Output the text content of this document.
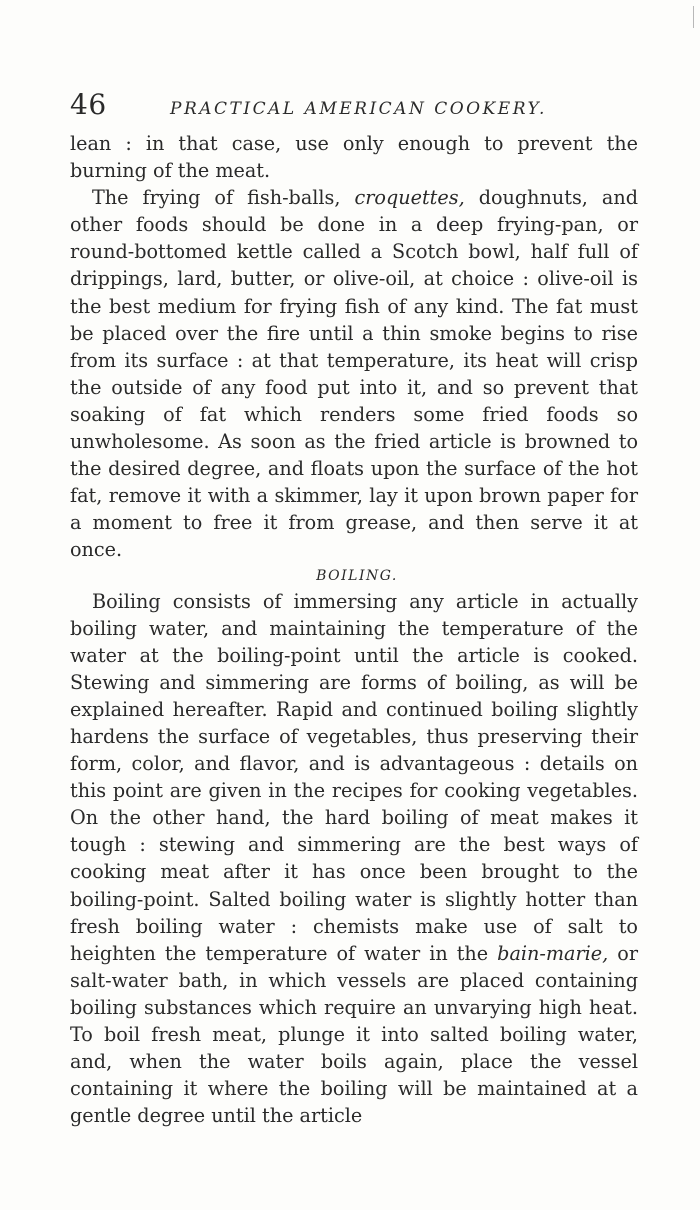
46	PRACTICAL AMERICAN COOKERY.

lean : in that case, use only enough to prevent the burning of the meat.

The frying of fish-balls, croquettes, doughnuts, and other foods should be done in a deep frying-pan, or round-bottomed kettle called a Scotch bowl, half full of drippings, lard, butter, or olive-oil, at choice : olive-oil is the best medium for frying fish of any kind. The fat must be placed over the fire until a thin smoke begins to rise from its surface : at that temperature, its heat will crisp the outside of any food put into it, and so prevent that soaking of fat which renders some fried foods so unwholesome. As soon as the fried article is browned to the desired degree, and floats upon the surface of the hot fat, remove it with a skimmer, lay it upon brown paper for a moment to free it from grease, and then serve it at once.

BOILING.

Boiling consists of immersing any article in actually boiling water, and maintaining the temperature of the water at the boiling-point until the article is cooked. Stewing and simmering are forms of boiling, as will be explained hereafter. Rapid and continued boiling slightly hardens the surface of vegetables, thus preserving their form, color, and flavor, and is advantageous : details on this point are given in the recipes for cooking vegetables. On the other hand, the hard boiling of meat makes it tough : stewing and simmering are the best ways of cooking meat after it has once been brought to the boiling-point. Salted boiling water is slightly hotter than fresh boiling water : chemists make use of salt to heighten the temperature of water in the bain-marie, or salt-water bath, in which vessels are placed containing boiling substances which require an unvarying high heat. To boil fresh meat, plunge it into salted boiling water, and, when the water boils again, place the vessel containing it where the boiling will be maintained at a gentle degree until the article
